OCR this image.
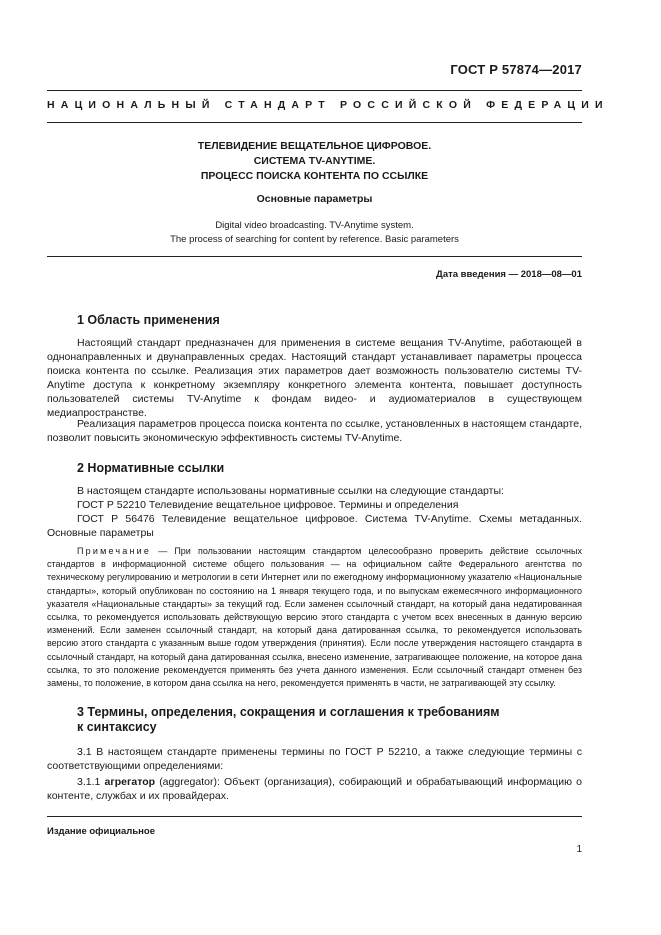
ГОСТ Р 57874—2017
НАЦИОНАЛЬНЫЙ СТАНДАРТ РОССИЙСКОЙ ФЕДЕРАЦИИ
ТЕЛЕВИДЕНИЕ ВЕЩАТЕЛЬНОЕ ЦИФРОВОЕ.
СИСТЕМА TV-ANYTIME.
ПРОЦЕСС ПОИСКА КОНТЕНТА ПО ССЫЛКЕ
Основные параметры
Digital video broadcasting. TV-Anytime system.
The process of searching for content by reference. Basic parameters
Дата введения — 2018—08—01
1 Область применения
Настоящий стандарт предназначен для применения в системе вещания TV-Anytime, работающей в однонаправленных и двунаправленных средах. Настоящий стандарт устанавливает параметры процесса поиска контента по ссылке. Реализация этих параметров дает возможность пользователю системы TV-Anytime доступа к конкретному экземпляру конкретного элемента контента, повышает доступность пользователей системы TV-Anytime к фондам видео- и аудиоматериалов в существующем медиапространстве.
Реализация параметров процесса поиска контента по ссылке, установленных в настоящем стандарте, позволит повысить экономическую эффективность системы TV-Anytime.
2 Нормативные ссылки
В настоящем стандарте использованы нормативные ссылки на следующие стандарты:
ГОСТ Р 52210 Телевидение вещательное цифровое. Термины и определения
ГОСТ Р 56476 Телевидение вещательное цифровое. Система TV-Anytime. Схемы метаданных. Основные параметры
Примечание — При пользовании настоящим стандартом целесообразно проверить действие ссылочных стандартов в информационной системе общего пользования — на официальном сайте Федерального агентства по техническому регулированию и метрологии в сети Интернет или по ежегодному информационному указателю «Национальные стандарты», который опубликован по состоянию на 1 января текущего года, и по выпускам ежемесячного информационного указателя «Национальные стандарты» за текущий год. Если заменен ссылочный стандарт, на который дана недатированная ссылка, то рекомендуется использовать действующую версию этого стандарта с учетом всех внесенных в данную версию изменений. Если заменен ссылочный стандарт, на который дана датированная ссылка, то рекомендуется использовать версию этого стандарта с указанным выше годом утверждения (принятия). Если после утверждения настоящего стандарта в ссылочный стандарт, на который дана датированная ссылка, внесено изменение, затрагивающее положение, на которое дана ссылка, то это положение рекомендуется применять без учета данного изменения. Если ссылочный стандарт отменен без замены, то положение, в котором дана ссылка на него, рекомендуется применять в части, не затрагивающей эту ссылку.
3 Термины, определения, сокращения и соглашения к требованиям
к синтаксису
3.1 В настоящем стандарте применены термины по ГОСТ Р 52210, а также следующие термины с соответствующими определениями:
3.1.1 агрегатор (aggregator): Объект (организация), собирающий и обрабатывающий информацию о контенте, службах и их провайдерах.
Издание официальное
1
